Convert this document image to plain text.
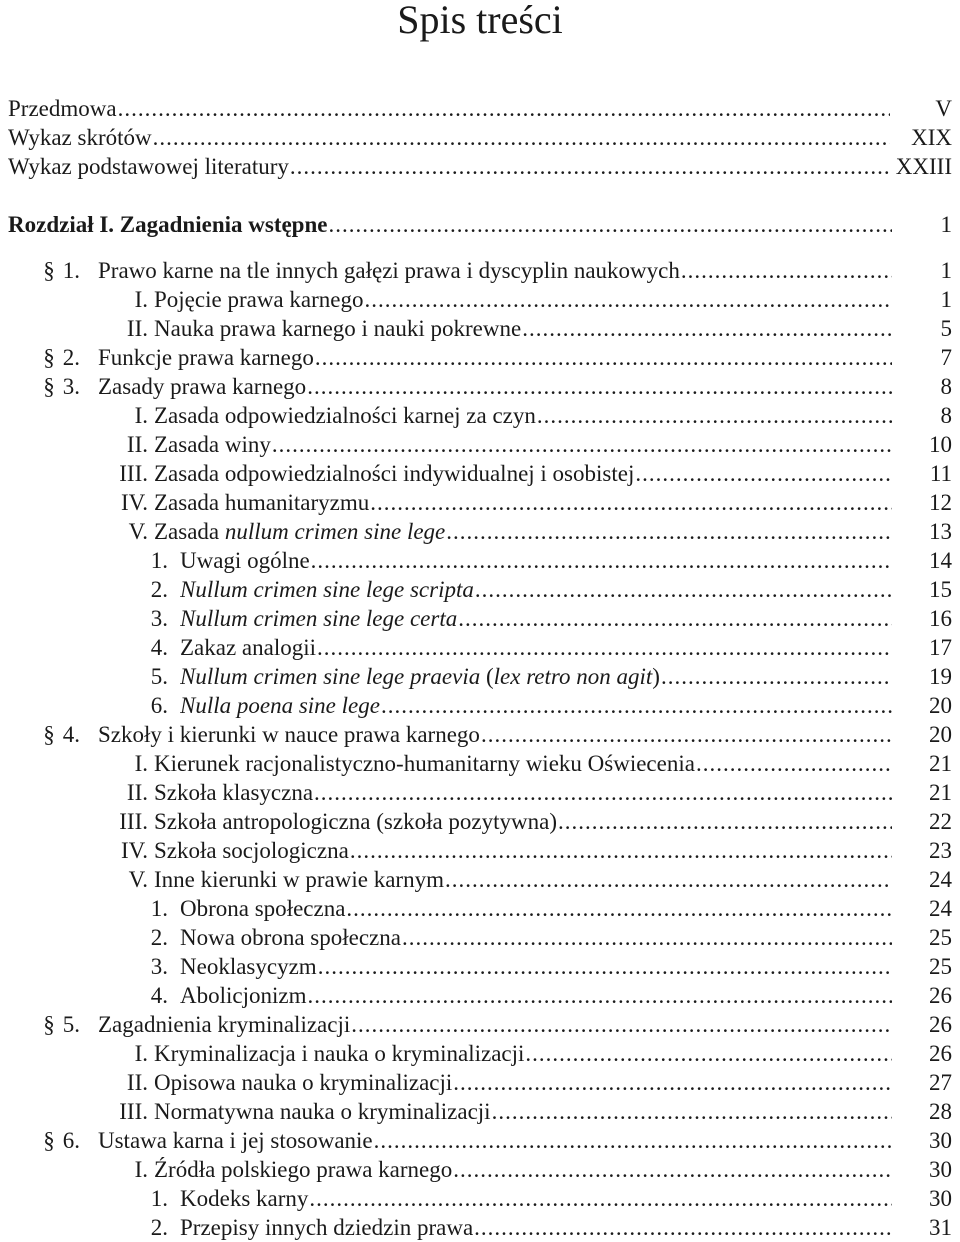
Spis treści
Przedmowa .....	V
Wykaz skrótów .....	XIX
Wykaz podstawowej literatury .....	XXIII
Rozdział I. Zagadnienia wstępne .....	1
§ 1. Prawo karne na tle innych gałęzi prawa i dyscyplin naukowych .....	1
I. Pojęcie prawa karnego .....	1
II. Nauka prawa karnego i nauki pokrewne .....	5
§ 2. Funkcje prawa karnego .....	7
§ 3. Zasady prawa karnego .....	8
I. Zasada odpowiedzialności karnej za czyn .....	8
II. Zasada winy .....	10
III. Zasada odpowiedzialności indywidualnej i osobistej .....	11
IV. Zasada humanitaryzmu .....	12
V. Zasada nullum crimen sine lege .....	13
1. Uwagi ogólne .....	14
2. Nullum crimen sine lege scripta .....	15
3. Nullum crimen sine lege certa .....	16
4. Zakaz analogii .....	17
5. Nullum crimen sine lege praevia (lex retro non agit) .....	19
6. Nulla poena sine lege .....	20
§ 4. Szkoły i kierunki w nauce prawa karnego .....	20
I. Kierunek racjonalistyczno-humanitarny wieku Oświecenia .....	21
II. Szkoła klasyczna .....	21
III. Szkoła antropologiczna (szkoła pozytywna) .....	22
IV. Szkoła socjologiczna .....	23
V. Inne kierunki w prawie karnym .....	24
1. Obrona społeczna .....	24
2. Nowa obrona społeczna .....	25
3. Neoklasycyzm .....	25
4. Abolicjonizm .....	26
§ 5. Zagadnienia kryminalizacji .....	26
I. Kryminalizacja i nauka o kryminalizacji .....	26
II. Opisowa nauka o kryminalizacji .....	27
III. Normatywna nauka o kryminalizacji .....	28
§ 6. Ustawa karna i jej stosowanie .....	30
I. Źródła polskiego prawa karnego .....	30
1. Kodeks karny .....	30
2. Przepisy innych dziedzin prawa .....	31
